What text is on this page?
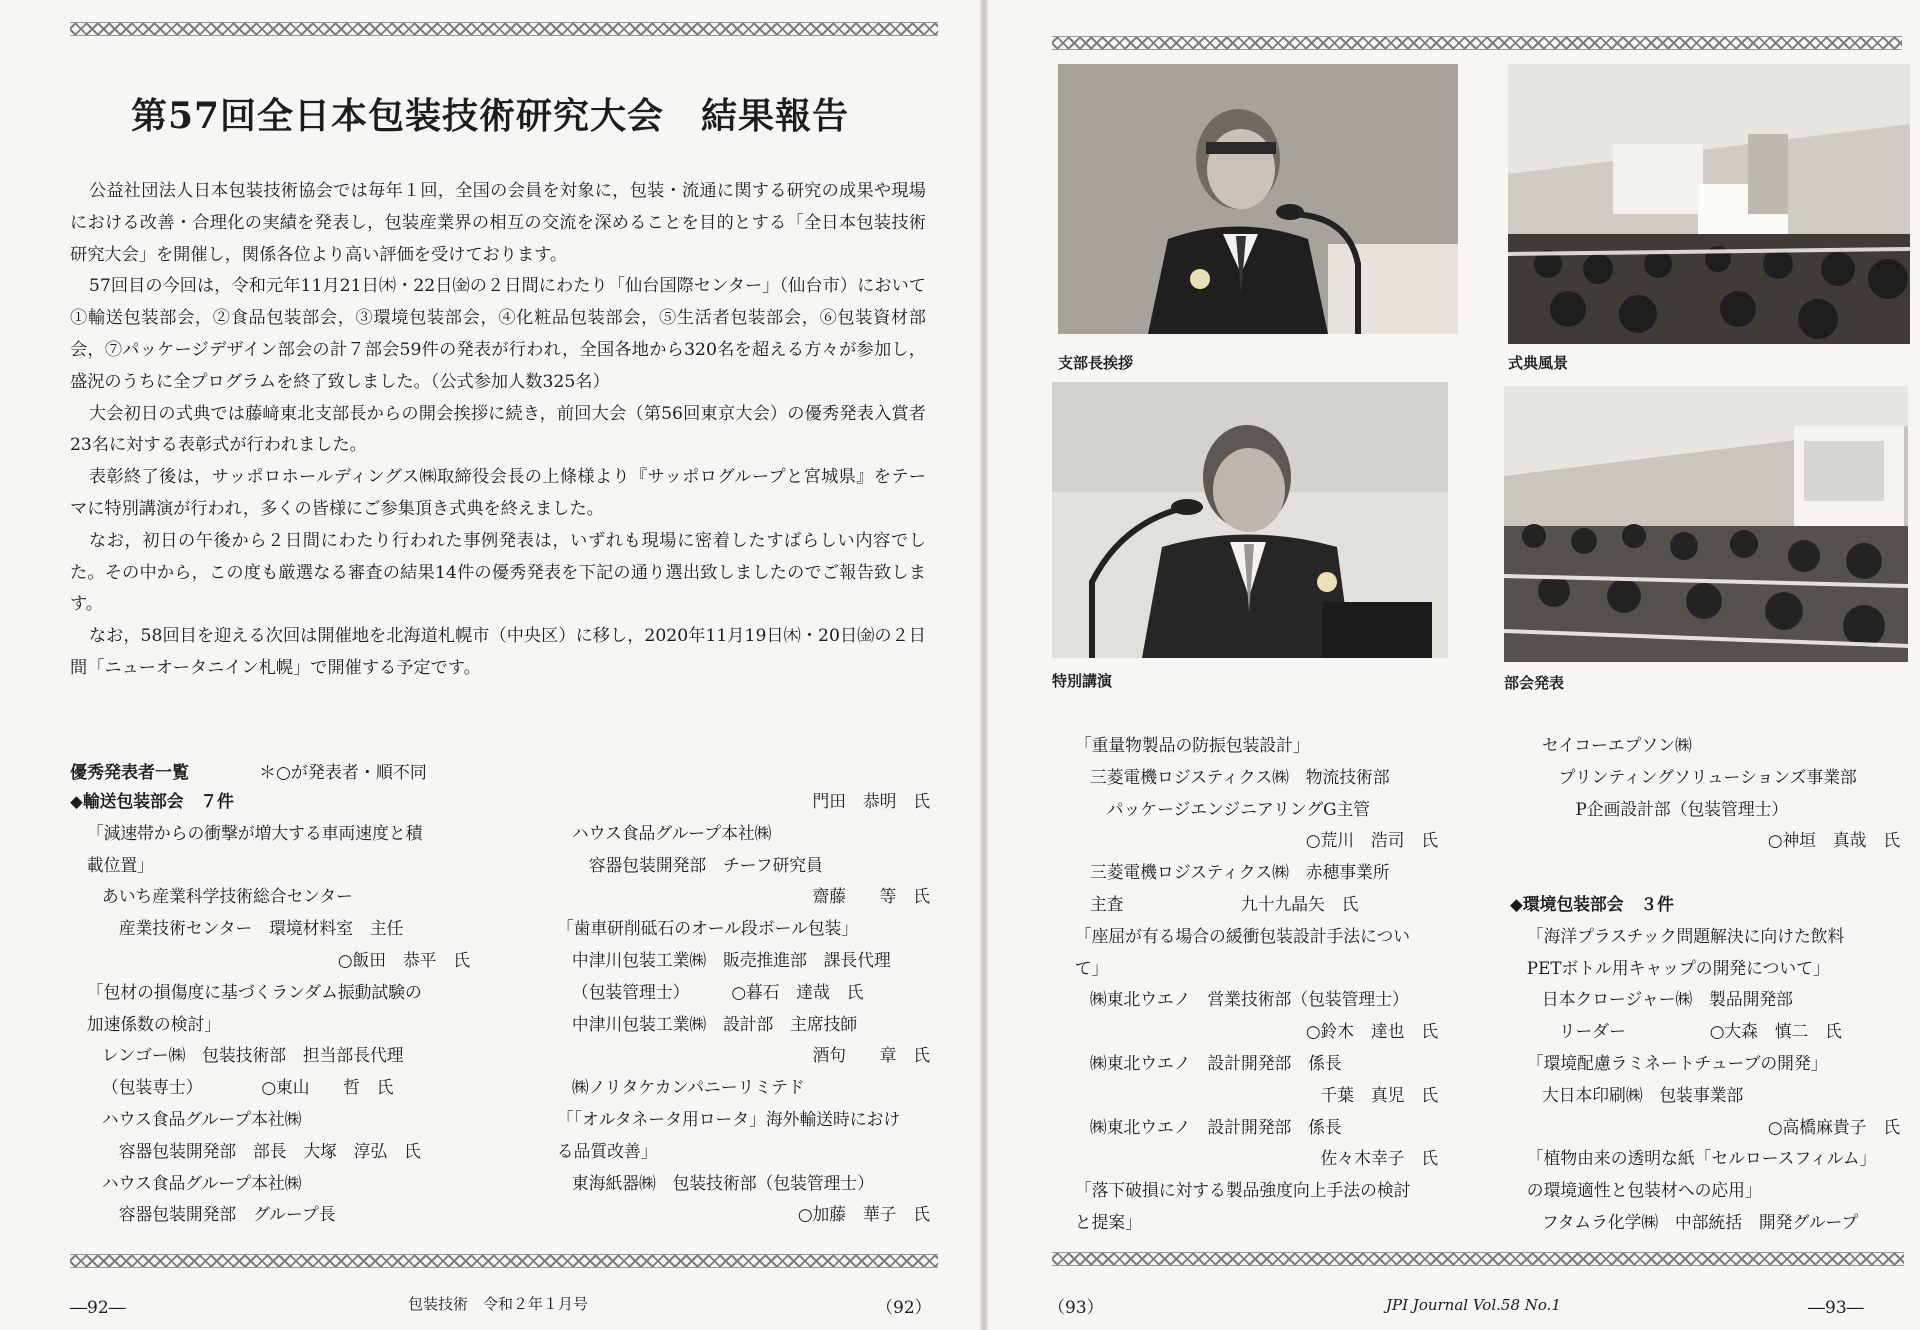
第57回全日本包装技術研究大会　結果報告

公益社団法人日本包装技術協会では毎年１回，全国の会員を対象に，包装・流通に関する研究の成果や現場における改善・合理化の実績を発表し，包装産業界の相互の交流を深めることを目的とする「全日本包装技術研究大会」を開催し，関係各位より高い評価を受けております。

57回目の今回は，令和元年11月21日㈭・22日㈮の２日間にわたり「仙台国際センター」（仙台市）において　①輸送包装部会，②食品包装部会，③環境包装部会，④化粧品包装部会，⑤生活者包装部会，⑥包装資材部会，⑦パッケージデザイン部会の計７部会59件の発表が行われ，全国各地から320名を超える方々が参加し，盛況のうちに全プログラムを終了致しました。（公式参加人数325名）

大会初日の式典では藤﨑東北支部長からの開会挨拶に続き，前回大会（第56回東京大会）の優秀発表入賞者23名に対する表彰式が行われました。

表彰終了後は，サッポロホールディングス㈱取締役会長の上條様より『サッポログループと宮城県』をテーマに特別講演が行われ，多くの皆様にご参集頂き式典を終えました。

なお，初日の午後から２日間にわたり行われた事例発表は，いずれも現場に密着したすばらしい内容でした。その中から，この度も厳選なる審査の結果14件の優秀発表を下記の通り選出致しましたのでご報告致します。

なお，58回目を迎える次回は開催地を北海道札幌市（中央区）に移し，2020年11月19日㈭・20日㈮の２日間「ニューオータニイン札幌」で開催する予定です。

優秀発表者一覧	＊○が発表者・順不同
◆輸送包装部会　７件
「減速帯からの衝撃が増大する車両速度と積
載位置」
あいち産業科学技術総合センター
産業技術センター　環境材料室　主任
○飯田　恭平　氏
「包材の損傷度に基づくランダム振動試験の
加速係数の検討」
レンゴー㈱　包装技術部　担当部長代理
（包装専士）　　　　○東山　　哲　氏
ハウス食品グループ本社㈱
容器包装開発部　部長　大塚　淳弘　氏
ハウス食品グループ本社㈱
容器包装開発部　グループ長
門田　恭明　氏
ハウス食品グループ本社㈱
容器包装開発部　チーフ研究員
齋藤　　等　氏
「歯車研削砥石のオール段ボール包装」
中津川包装工業㈱　販売推進部　課長代理
（包装管理士）　　　○暮石　達哉　氏
中津川包装工業㈱　設計部　主席技師
酒句　　章　氏
㈱ノリタケカンパニーリミテド
「「オルタネータ用ロータ」海外輸送時におけ
る品質改善」
東海紙器㈱　包装技術部（包装管理士）
○加藤　華子　氏
―92―	包装技術　令和２年１月号	（92）
支部長挨拶	式典風景
特別講演	部会発表
「重量物製品の防振包装設計」
三菱電機ロジスティクス㈱　物流技術部
パッケージエンジニアリングG主管
○荒川　浩司　氏
三菱電機ロジスティクス㈱　赤穂事業所
主査　　　　　　　九十九晶矢　氏
「座屈が有る場合の緩衝包装設計手法につい
て」
㈱東北ウエノ　営業技術部（包装管理士）
○鈴木　達也　氏
㈱東北ウエノ　設計開発部　係長
千葉　真児　氏
㈱東北ウエノ　設計開発部　係長
佐々木幸子　氏
「落下破損に対する製品強度向上手法の検討
と提案」
セイコーエプソン㈱
プリンティングソリューションズ事業部
P企画設計部（包装管理士）
○神垣　真哉　氏
◆環境包装部会　３件
「海洋プラスチック問題解決に向けた飲料
PETボトル用キャップの開発について」
日本クロージャー㈱　製品開発部
リーダー　　　　　○大森　慎二　氏
「環境配慮ラミネートチューブの開発」
大日本印刷㈱　包装事業部
○高橋麻貴子　氏
「植物由来の透明な紙「セルロースフィルム」
の環境適性と包装材への応用」
フタムラ化学㈱　中部統括　開発グループ
（93）	JPI Journal Vol.58 No.1	―93―
